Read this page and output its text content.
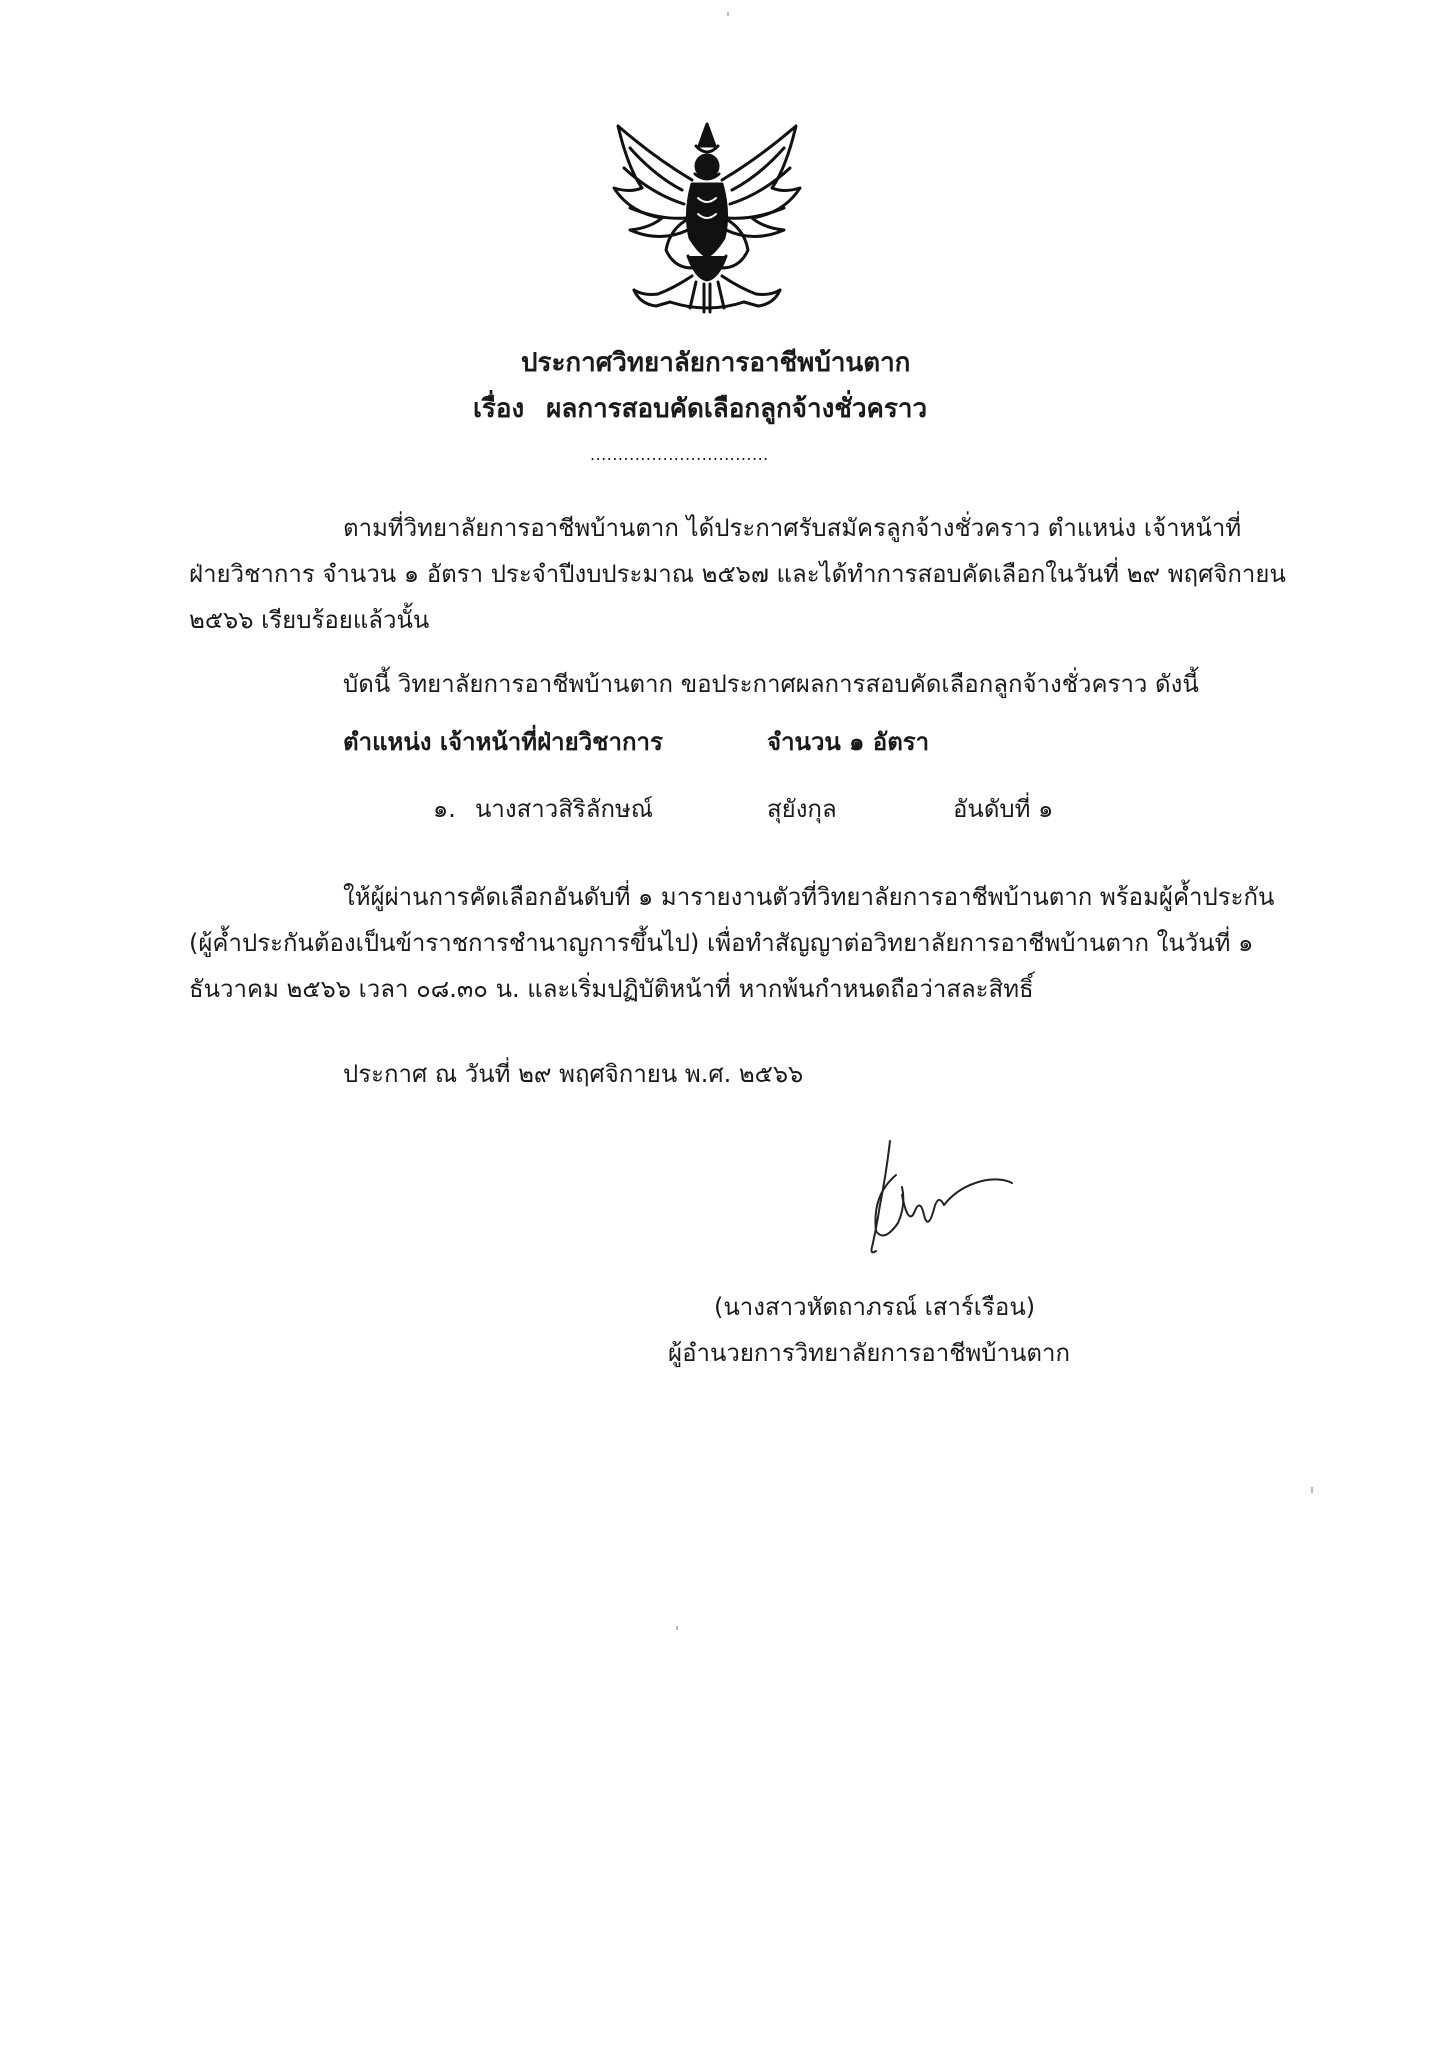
ประกาศวิทยาลัยการอาชีพบ้านตาก
เรื่อง ผลการสอบคัดเลือกลูกจ้างชั่วคราว
................................
ตามที่วิทยาลัยการอาชีพบ้านตาก ได้ประกาศรับสมัครลูกจ้างชั่วคราว ตำแหน่ง เจ้าหน้าที่
ฝ่ายวิชาการ จำนวน ๑ อัตรา ประจำปีงบประมาณ ๒๕๖๗ และได้ทำการสอบคัดเลือกในวันที่ ๒๙ พฤศจิกายน
๒๕๖๖ เรียบร้อยแล้วนั้น
บัดนี้ วิทยาลัยการอาชีพบ้านตาก ขอประกาศผลการสอบคัดเลือกลูกจ้างชั่วคราว ดังนี้
ตำแหน่ง เจ้าหน้าที่ฝ่ายวิชาการ	จำนวน ๑ อัตรา
๑. นางสาวสิริลักษณ์	สุยังกุล	อันดับที่ ๑
ให้ผู้ผ่านการคัดเลือกอันดับที่ ๑ มารายงานตัวที่วิทยาลัยการอาชีพบ้านตาก พร้อมผู้ค้ำประกัน
(ผู้ค้ำประกันต้องเป็นข้าราชการชำนาญการขึ้นไป) เพื่อทำสัญญาต่อวิทยาลัยการอาชีพบ้านตาก ในวันที่ ๑
ธันวาคม ๒๕๖๖ เวลา ๐๘.๓๐ น. และเริ่มปฏิบัติหน้าที่ หากพ้นกำหนดถือว่าสละสิทธิ์
ประกาศ ณ วันที่ ๒๙ พฤศจิกายน พ.ศ. ๒๕๖๖
(นางสาวหัตถาภรณ์ เสาร์เรือน)
ผู้อำนวยการวิทยาลัยการอาชีพบ้านตาก
